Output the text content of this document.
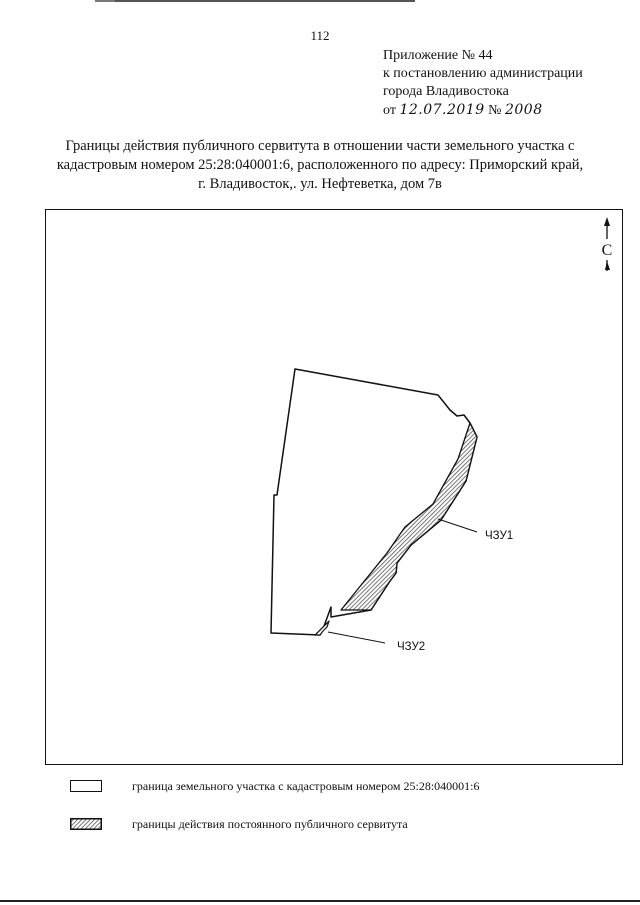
112
Приложение № 44
к постановлению администрации
города Владивостока
от 12.07.2019 № 2008
Границы действия публичного сервитута в отношении части земельного участка с
кадастровым номером 25:28:040001:6, расположенного по адресу: Приморский край,
г. Владивосток,. ул. Нефтеветка, дом 7в
С
ЧЗУ1
ЧЗУ2
граница земельного участка с кадастровым номером 25:28:040001:6
границы действия постоянного публичного сервитута
